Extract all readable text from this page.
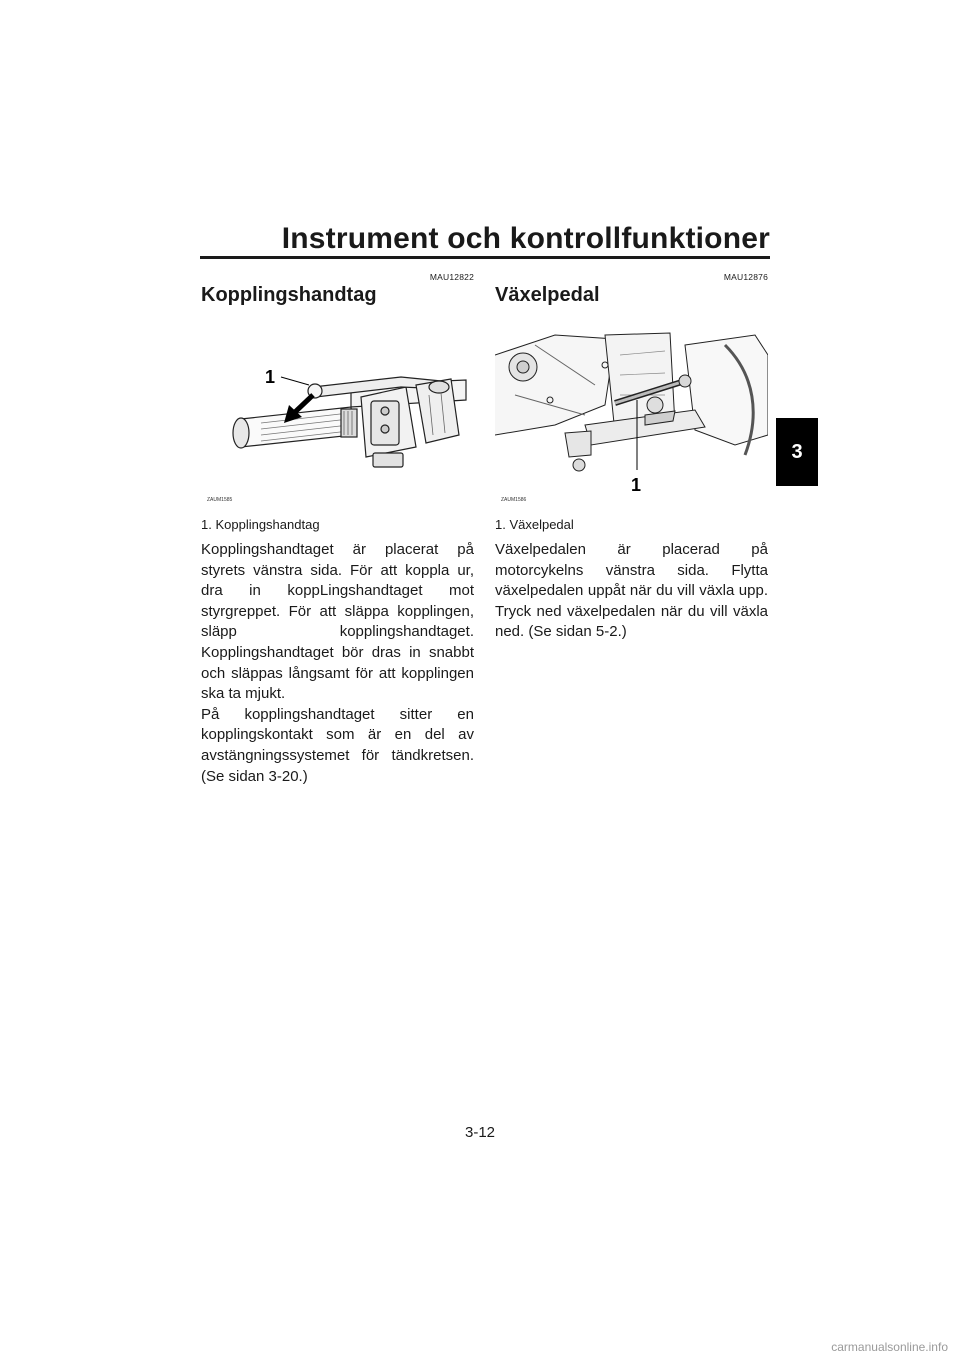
Instrument och kontrollfunktioner
3
MAU12822
Kopplingshandtag
1
ZAUM1585
1. Kopplingshandtag
Kopplingshandtaget är placerat på styrets vänstra sida. För att koppla ur, dra in koppLingshandtaget mot styrgreppet. För att släppa kopplingen, släpp kopplingshandtaget. Kopplingshandtaget bör dras in snabbt och släppas långsamt för att kopplingen ska ta mjukt.
På kopplingshandtaget sitter en kopplingskontakt som är en del av avstängningssystemet för tändkretsen. (Se sidan 3-20.)
MAU12876
Växelpedal
1
ZAUM1586
1. Växelpedal
Växelpedalen är placerad på motorcykelns vänstra sida. Flytta växelpedalen uppåt när du vill växla upp. Tryck ned växelpedalen när du vill växla ned. (Se sidan 5-2.)
3-12
carmanualsonline.info
